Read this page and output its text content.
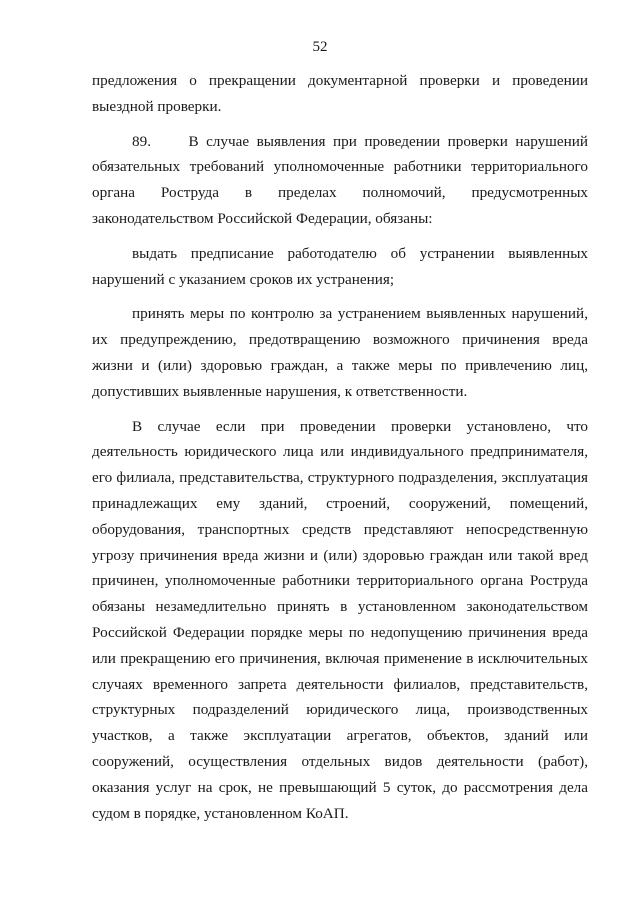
52

предложения о прекращении документарной проверки и проведении выездной проверки.

89.     В случае выявления при проведении проверки нарушений обязательных требований уполномоченные работники территориального органа Роструда в пределах полномочий, предусмотренных законодательством Российской Федерации, обязаны:

выдать предписание работодателю об устранении выявленных нарушений с указанием сроков их устранения;

принять меры по контролю за устранением выявленных нарушений, их предупреждению, предотвращению возможного причинения вреда жизни и (или) здоровью граждан, а также меры по привлечению лиц, допустивших выявленные нарушения, к ответственности.

В случае если при проведении проверки установлено, что деятельность юридического лица или индивидуального предпринимателя, его филиала, представительства, структурного подразделения, эксплуатация принадлежащих ему зданий, строений, сооружений, помещений, оборудования, транспортных средств представляют непосредственную угрозу причинения вреда жизни и (или) здоровью граждан или такой вред причинен, уполномоченные работники территориального органа Роструда обязаны незамедлительно принять в установленном законодательством Российской Федерации порядке меры по недопущению причинения вреда или прекращению его причинения, включая применение в исключительных случаях временного запрета деятельности филиалов, представительств, структурных подразделений юридического лица, производственных участков, а также эксплуатации агрегатов, объектов, зданий или сооружений, осуществления отдельных видов деятельности (работ), оказания услуг на срок, не превышающий 5 суток, до рассмотрения дела судом в порядке, установленном КоАП.
